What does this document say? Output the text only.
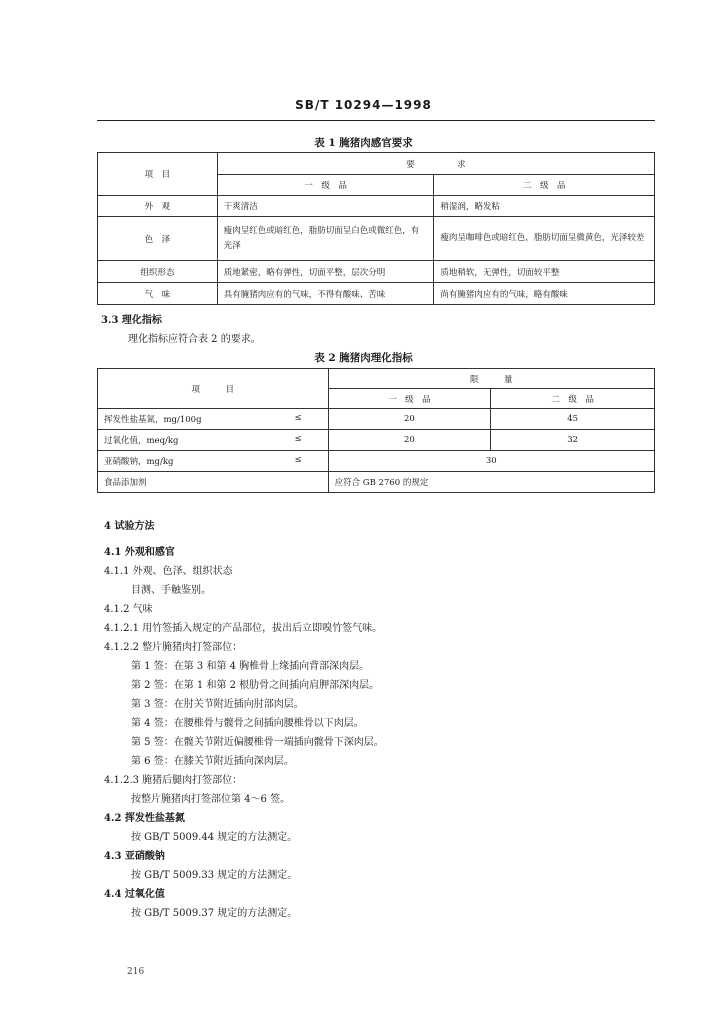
SB/T 10294—1998
表 1 腌猪肉感官要求
项　目	要　　　　　求	
	一　级　品	二　级　品
外　观	干爽清洁	稍湿润，略发粘
色　泽	瘦肉呈红色或暗红色，脂肪切面呈白色或微红色，有光泽	瘦肉呈咖啡色或暗红色，脂肪切面呈微黄色，光泽较差
组织形态	质地紧密，略有弹性，切面平整，层次分明	质地稍软，无弹性，切面较平整
气　味	具有腌猪肉应有的气味，不得有酸味、苦味	尚有腌猪肉应有的气味，略有酸味
3.3 理化指标
理化指标应符合表 2 的要求。
表 2 腌猪肉理化指标
项　　　目	限　　　量	
	一　级　品	二　级　品
挥发性盐基氮，mg/100g ≤	20	45
过氧化值，meq/kg ≤	20	32
亚硝酸钠，mg/kg ≤	30	
食品添加剂	应符合 GB 2760 的规定	
4 试验方法
4.1 外观和感官
4.1.1 外观、色泽、组织状态
目测、手触鉴别。
4.1.2 气味
4.1.2.1 用竹签插入规定的产品部位，拔出后立即嗅竹签气味。
4.1.2.2 整片腌猪肉打签部位：
第 1 签：在第 3 和第 4 胸椎骨上缘插向背部深肉层。
第 2 签：在第 1 和第 2 根肋骨之间插向肩胛部深肉层。
第 3 签：在肘关节附近插向肘部肉层。
第 4 签：在腰椎骨与髋骨之间插向腰椎骨以下肉层。
第 5 签：在髋关节附近偏腰椎骨一端插向髋骨下深肉层。
第 6 签：在膝关节附近插向深肉层。
4.1.2.3 腌猪后腿肉打签部位：
按整片腌猪肉打签部位第 4～6 签。
4.2 挥发性盐基氮
按 GB/T 5009.44 规定的方法测定。
4.3 亚硝酸钠
按 GB/T 5009.33 规定的方法测定。
4.4 过氧化值
按 GB/T 5009.37 规定的方法测定。
216
